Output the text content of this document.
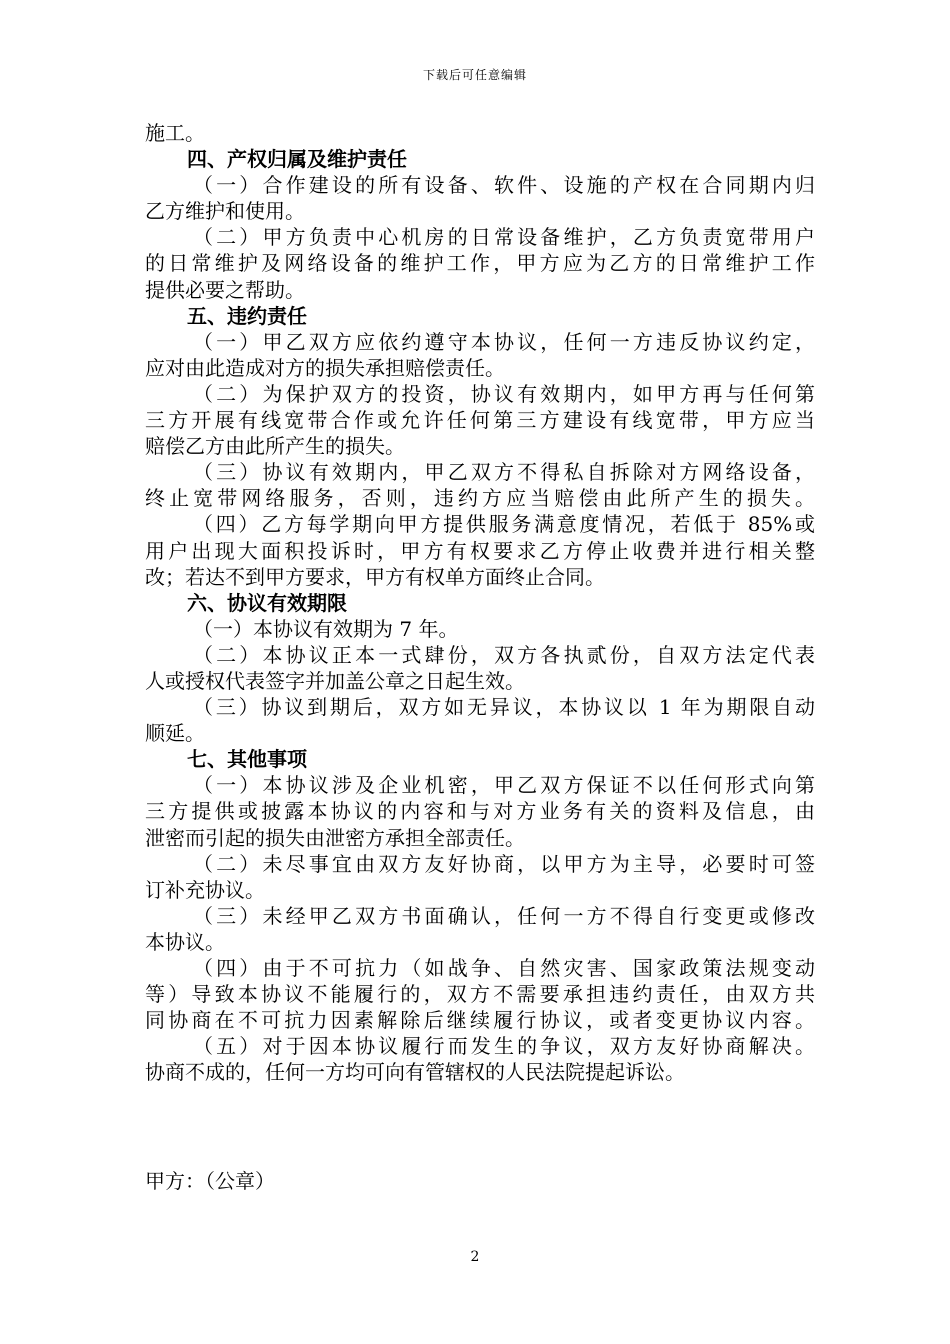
下载后可任意编辑
施工。
四、产权归属及维护责任
（一）合作建设的所有设备、软件、设施的产权在合同期内归
乙方维护和使用。
（二）甲方负责中心机房的日常设备维护，乙方负责宽带用户
的日常维护及网络设备的维护工作，甲方应为乙方的日常维护工作
提供必要之帮助。
五、违约责任
（一）甲乙双方应依约遵守本协议，任何一方违反协议约定，
应对由此造成对方的损失承担赔偿责任。
（二）为保护双方的投资，协议有效期内，如甲方再与任何第
三方开展有线宽带合作或允许任何第三方建设有线宽带，甲方应当
赔偿乙方由此所产生的损失。
（三）协议有效期内，甲乙双方不得私自拆除对方网络设备，
终止宽带网络服务，否则，违约方应当赔偿由此所产生的损失。
（四）乙方每学期向甲方提供服务满意度情况，若低于 85%或
用户出现大面积投诉时，甲方有权要求乙方停止收费并进行相关整
改；若达不到甲方要求，甲方有权单方面终止合同。
六、协议有效期限
（一）本协议有效期为 7 年。
（二）本协议正本一式肆份，双方各执贰份，自双方法定代表
人或授权代表签字并加盖公章之日起生效。
（三）协议到期后，双方如无异议，本协议以 1 年为期限自动
顺延。
七、其他事项
（一）本协议涉及企业机密，甲乙双方保证不以任何形式向第
三方提供或披露本协议的内容和与对方业务有关的资料及信息，由
泄密而引起的损失由泄密方承担全部责任。
（二）未尽事宜由双方友好协商，以甲方为主导，必要时可签
订补充协议。
（三）未经甲乙双方书面确认，任何一方不得自行变更或修改
本协议。
（四）由于不可抗力（如战争、自然灾害、国家政策法规变动
等）导致本协议不能履行的，双方不需要承担违约责任，由双方共
同协商在不可抗力因素解除后继续履行协议，或者变更协议内容。
（五）对于因本协议履行而发生的争议，双方友好协商解决。
协商不成的，任何一方均可向有管辖权的人民法院提起诉讼。
甲方：（公章）
2
